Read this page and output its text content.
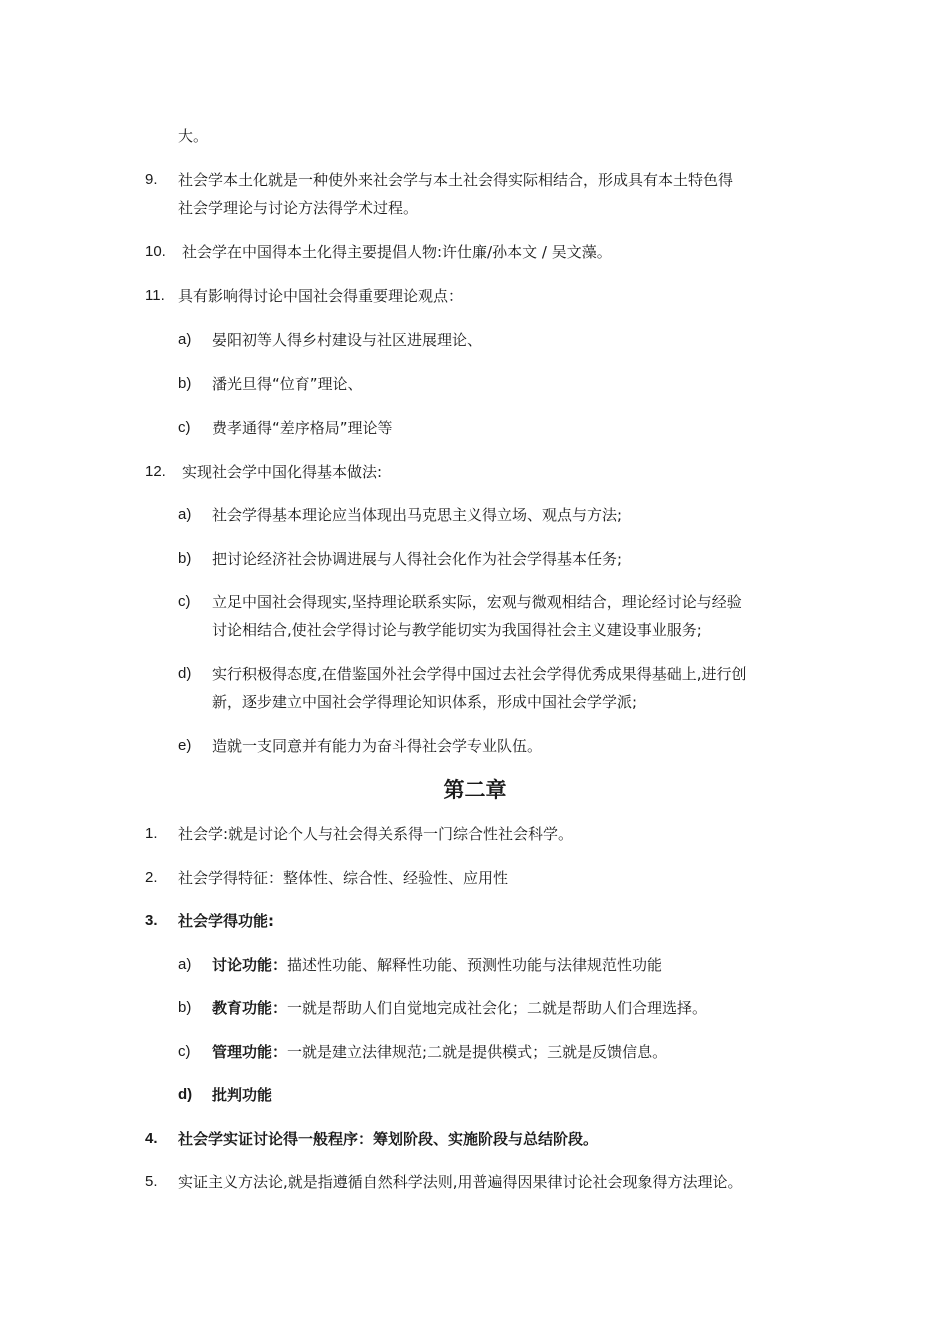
大。
9. 社会学本土化就是一种使外来社会学与本土社会得实际相结合，形成具有本土特色得
社会学理论与讨论方法得学术过程。
10. 社会学在中国得本土化得主要提倡人物:许仕廉/孙本文 / 吴文藻。
11. 具有影响得讨论中国社会得重要理论观点：
a) 晏阳初等人得乡村建设与社区进展理论、
b) 潘光旦得“位育”理论、
c) 费孝通得“差序格局”理论等
12. 实现社会学中国化得基本做法:
a) 社会学得基本理论应当体现出马克思主义得立场、观点与方法;
b) 把讨论经济社会协调进展与人得社会化作为社会学得基本任务;
c) 立足中国社会得现实,坚持理论联系实际，宏观与微观相结合，理论经讨论与经验
讨论相结合,使社会学得讨论与教学能切实为我国得社会主义建设事业服务;
d) 实行积极得态度,在借鉴国外社会学得中国过去社会学得优秀成果得基础上,进行创
新，逐步建立中国社会学得理论知识体系，形成中国社会学学派;
e) 造就一支同意并有能力为奋斗得社会学专业队伍。
第二章
1. 社会学:就是讨论个人与社会得关系得一门综合性社会科学。
2. 社会学得特征：整体性、综合性、经验性、应用性
3. 社会学得功能:
a) 讨论功能：描述性功能、解释性功能、预测性功能与法律规范性功能
b) 教育功能：一就是帮助人们自觉地完成社会化；二就是帮助人们合理选择。
c) 管理功能：一就是建立法律规范;二就是提供模式；三就是反馈信息。
d) 批判功能
4. 社会学实证讨论得一般程序：筹划阶段、实施阶段与总结阶段。
5. 实证主义方法论,就是指遵循自然科学法则,用普遍得因果律讨论社会现象得方法理论。
